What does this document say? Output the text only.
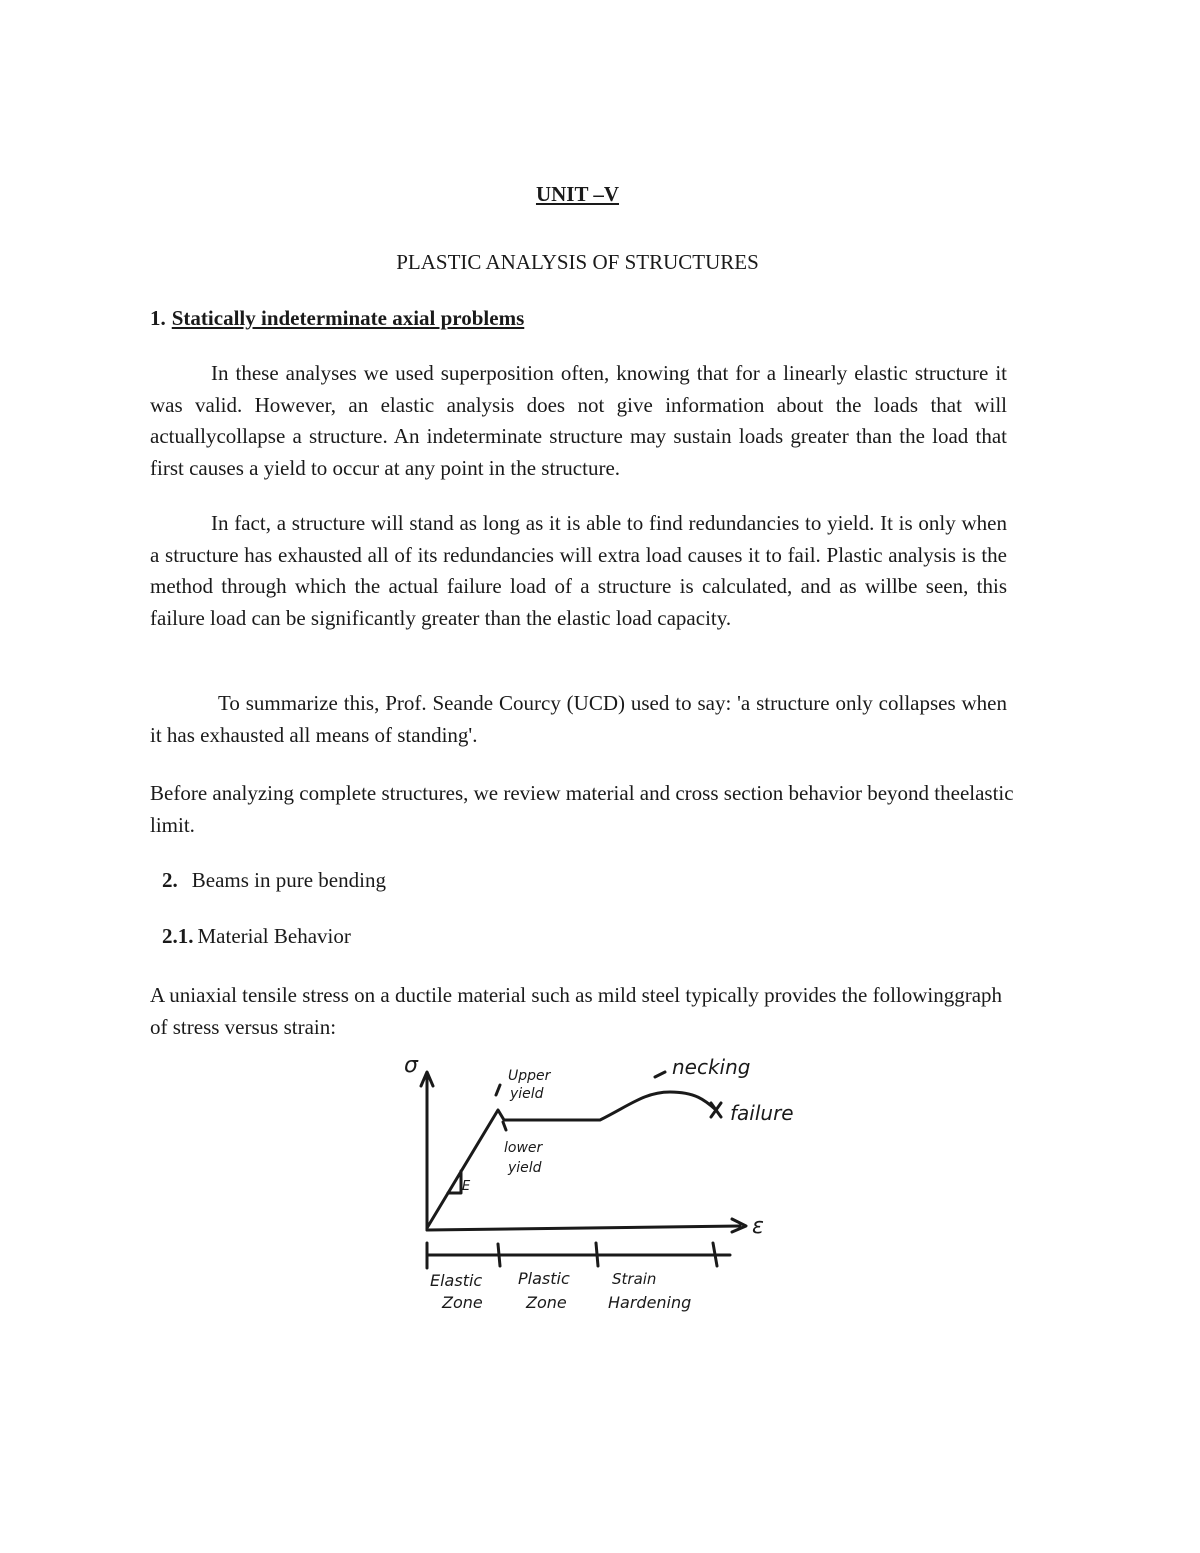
UNIT –V
PLASTIC ANALYSIS OF STRUCTURES
1. Statically indeterminate axial problems

In these analyses we used superposition often, knowing that for a linearly elastic structure it was valid. However, an elastic analysis does not give information about the loads that will actuallycollapse a structure. An indeterminate structure may sustain loads greater than the load that first causes a yield to occur at any point in the structure.

In fact, a structure will stand as long as it is able to find redundancies to yield. It is only when a structure has exhausted all of its redundancies will extra load causes it to fail. Plastic analysis is the method through which the actual failure load of a structure is calculated, and as willbe seen, this failure load can be significantly greater than the elastic load capacity.

To summarize this, Prof. Seande Courcy (UCD) used to say: 'a structure only collapses when it has exhausted all means of standing'.

Before analyzing complete structures, we review material and cross section behavior beyond theelastic limit.

2. Beams in pure bending
2.1. Material Behavior

A uniaxial tensile stress on a ductile material such as mild steel typically provides the followinggraph of stress versus strain:

σ
ε
E
Upper
yield
lower
yield
necking
failure
Elastic
Zone
Plastic
Zone
Strain
Hardening
